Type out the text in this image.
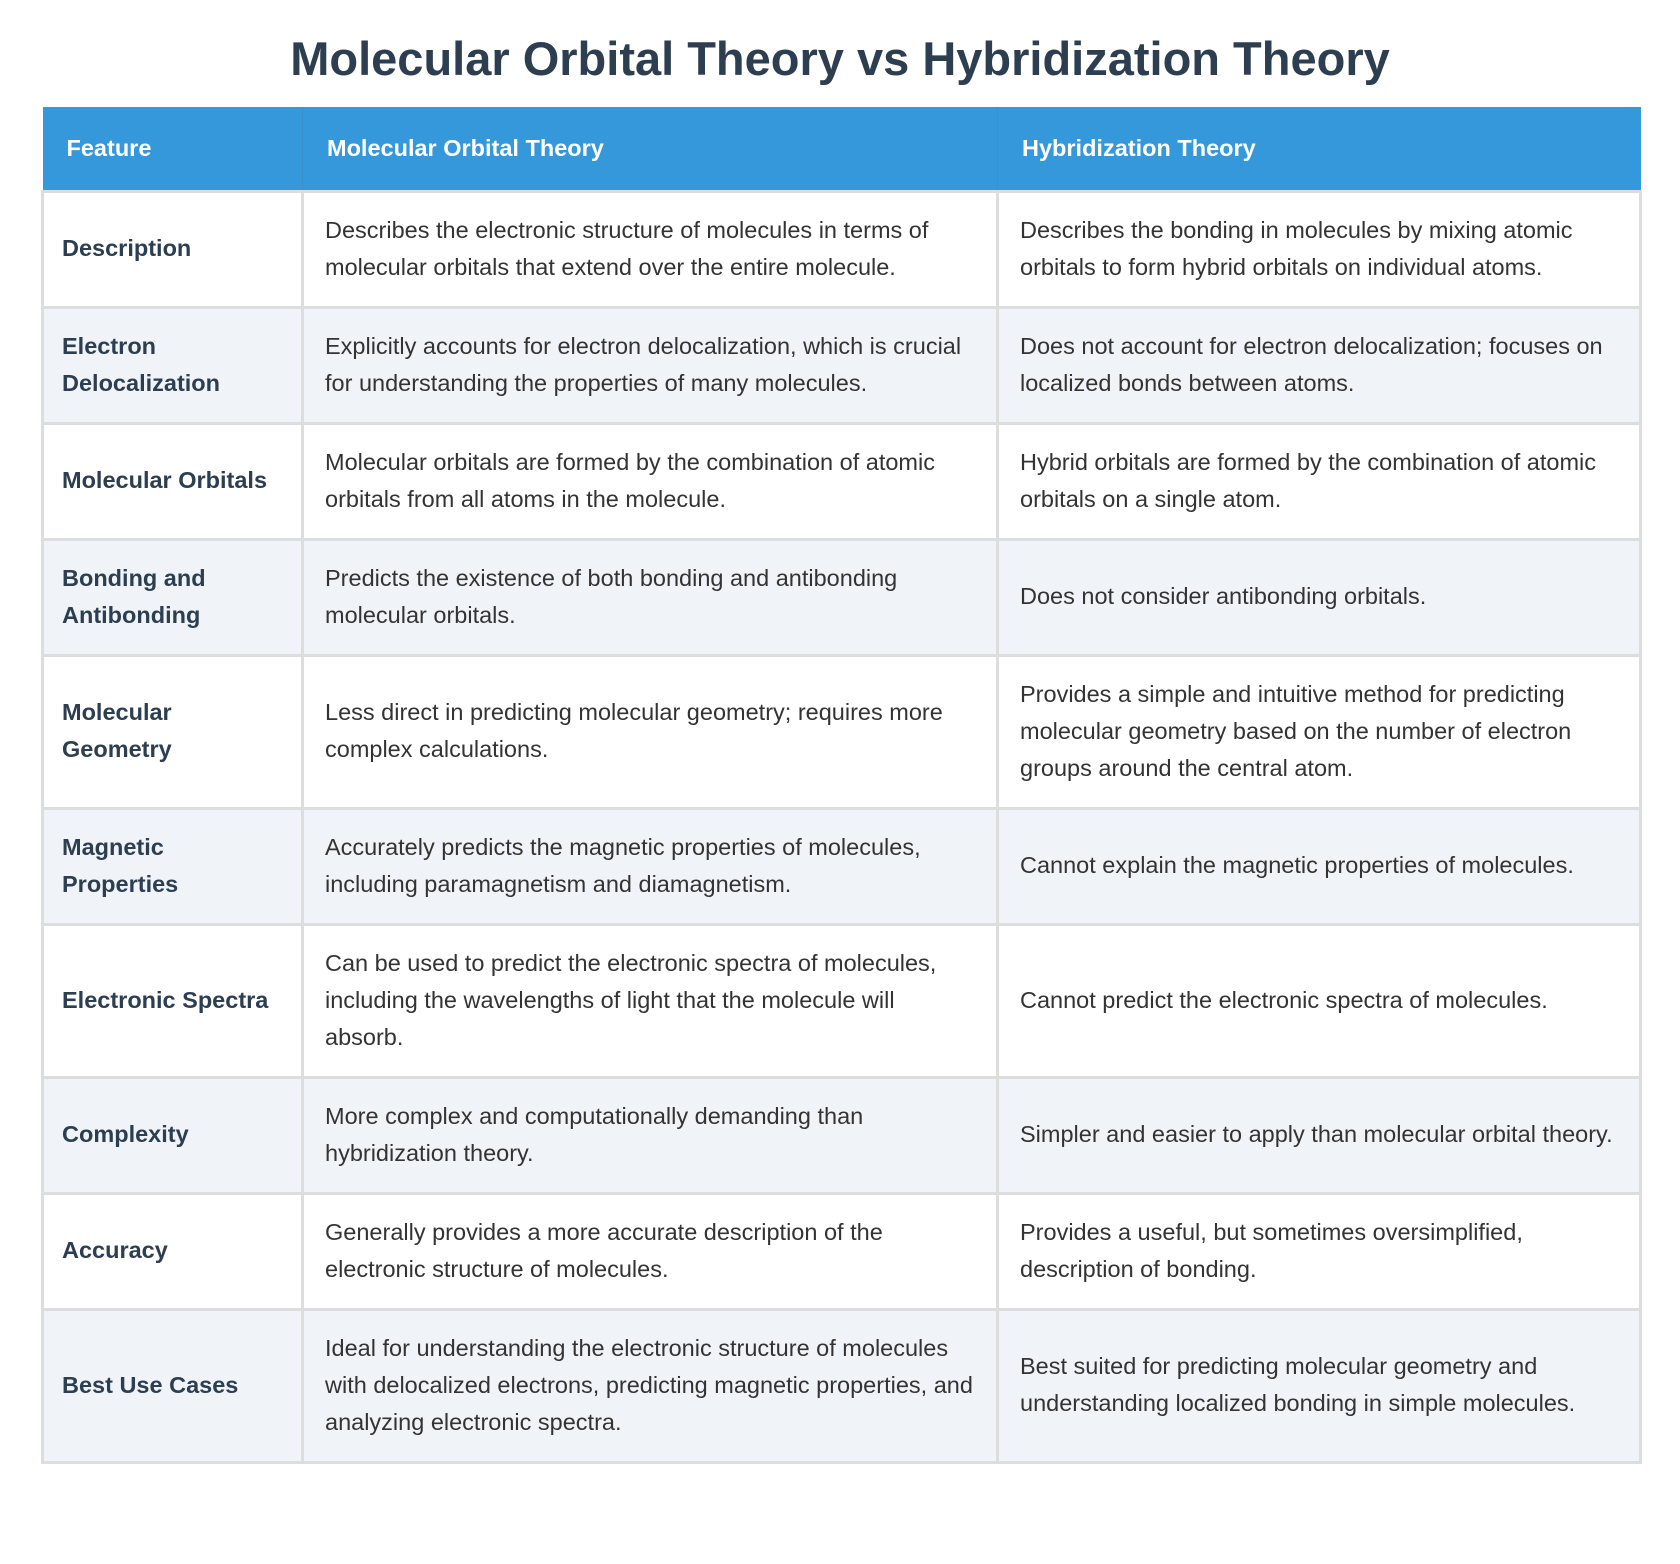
Molecular Orbital Theory vs Hybridization Theory
Feature	Molecular Orbital Theory	Hybridization Theory
Description	Describes the electronic structure of molecules in terms of molecular orbitals that extend over the entire molecule.	Describes the bonding in molecules by mixing atomic orbitals to form hybrid orbitals on individual atoms.
Electron Delocalization	Explicitly accounts for electron delocalization, which is crucial for understanding the properties of many molecules.	Does not account for electron delocalization; focuses on localized bonds between atoms.
Molecular Orbitals	Molecular orbitals are formed by the combination of atomic orbitals from all atoms in the molecule.	Hybrid orbitals are formed by the combination of atomic orbitals on a single atom.
Bonding and Antibonding	Predicts the existence of both bonding and antibonding molecular orbitals.	Does not consider antibonding orbitals.
Molecular Geometry	Less direct in predicting molecular geometry; requires more complex calculations.	Provides a simple and intuitive method for predicting molecular geometry based on the number of electron groups around the central atom.
Magnetic Properties	Accurately predicts the magnetic properties of molecules, including paramagnetism and diamagnetism.	Cannot explain the magnetic properties of molecules.
Electronic Spectra	Can be used to predict the electronic spectra of molecules, including the wavelengths of light that the molecule will absorb.	Cannot predict the electronic spectra of molecules.
Complexity	More complex and computationally demanding than hybridization theory.	Simpler and easier to apply than molecular orbital theory.
Accuracy	Generally provides a more accurate description of the electronic structure of molecules.	Provides a useful, but sometimes oversimplified, description of bonding.
Best Use Cases	Ideal for understanding the electronic structure of molecules with delocalized electrons, predicting magnetic properties, and analyzing electronic spectra.	Best suited for predicting molecular geometry and understanding localized bonding in simple molecules.
